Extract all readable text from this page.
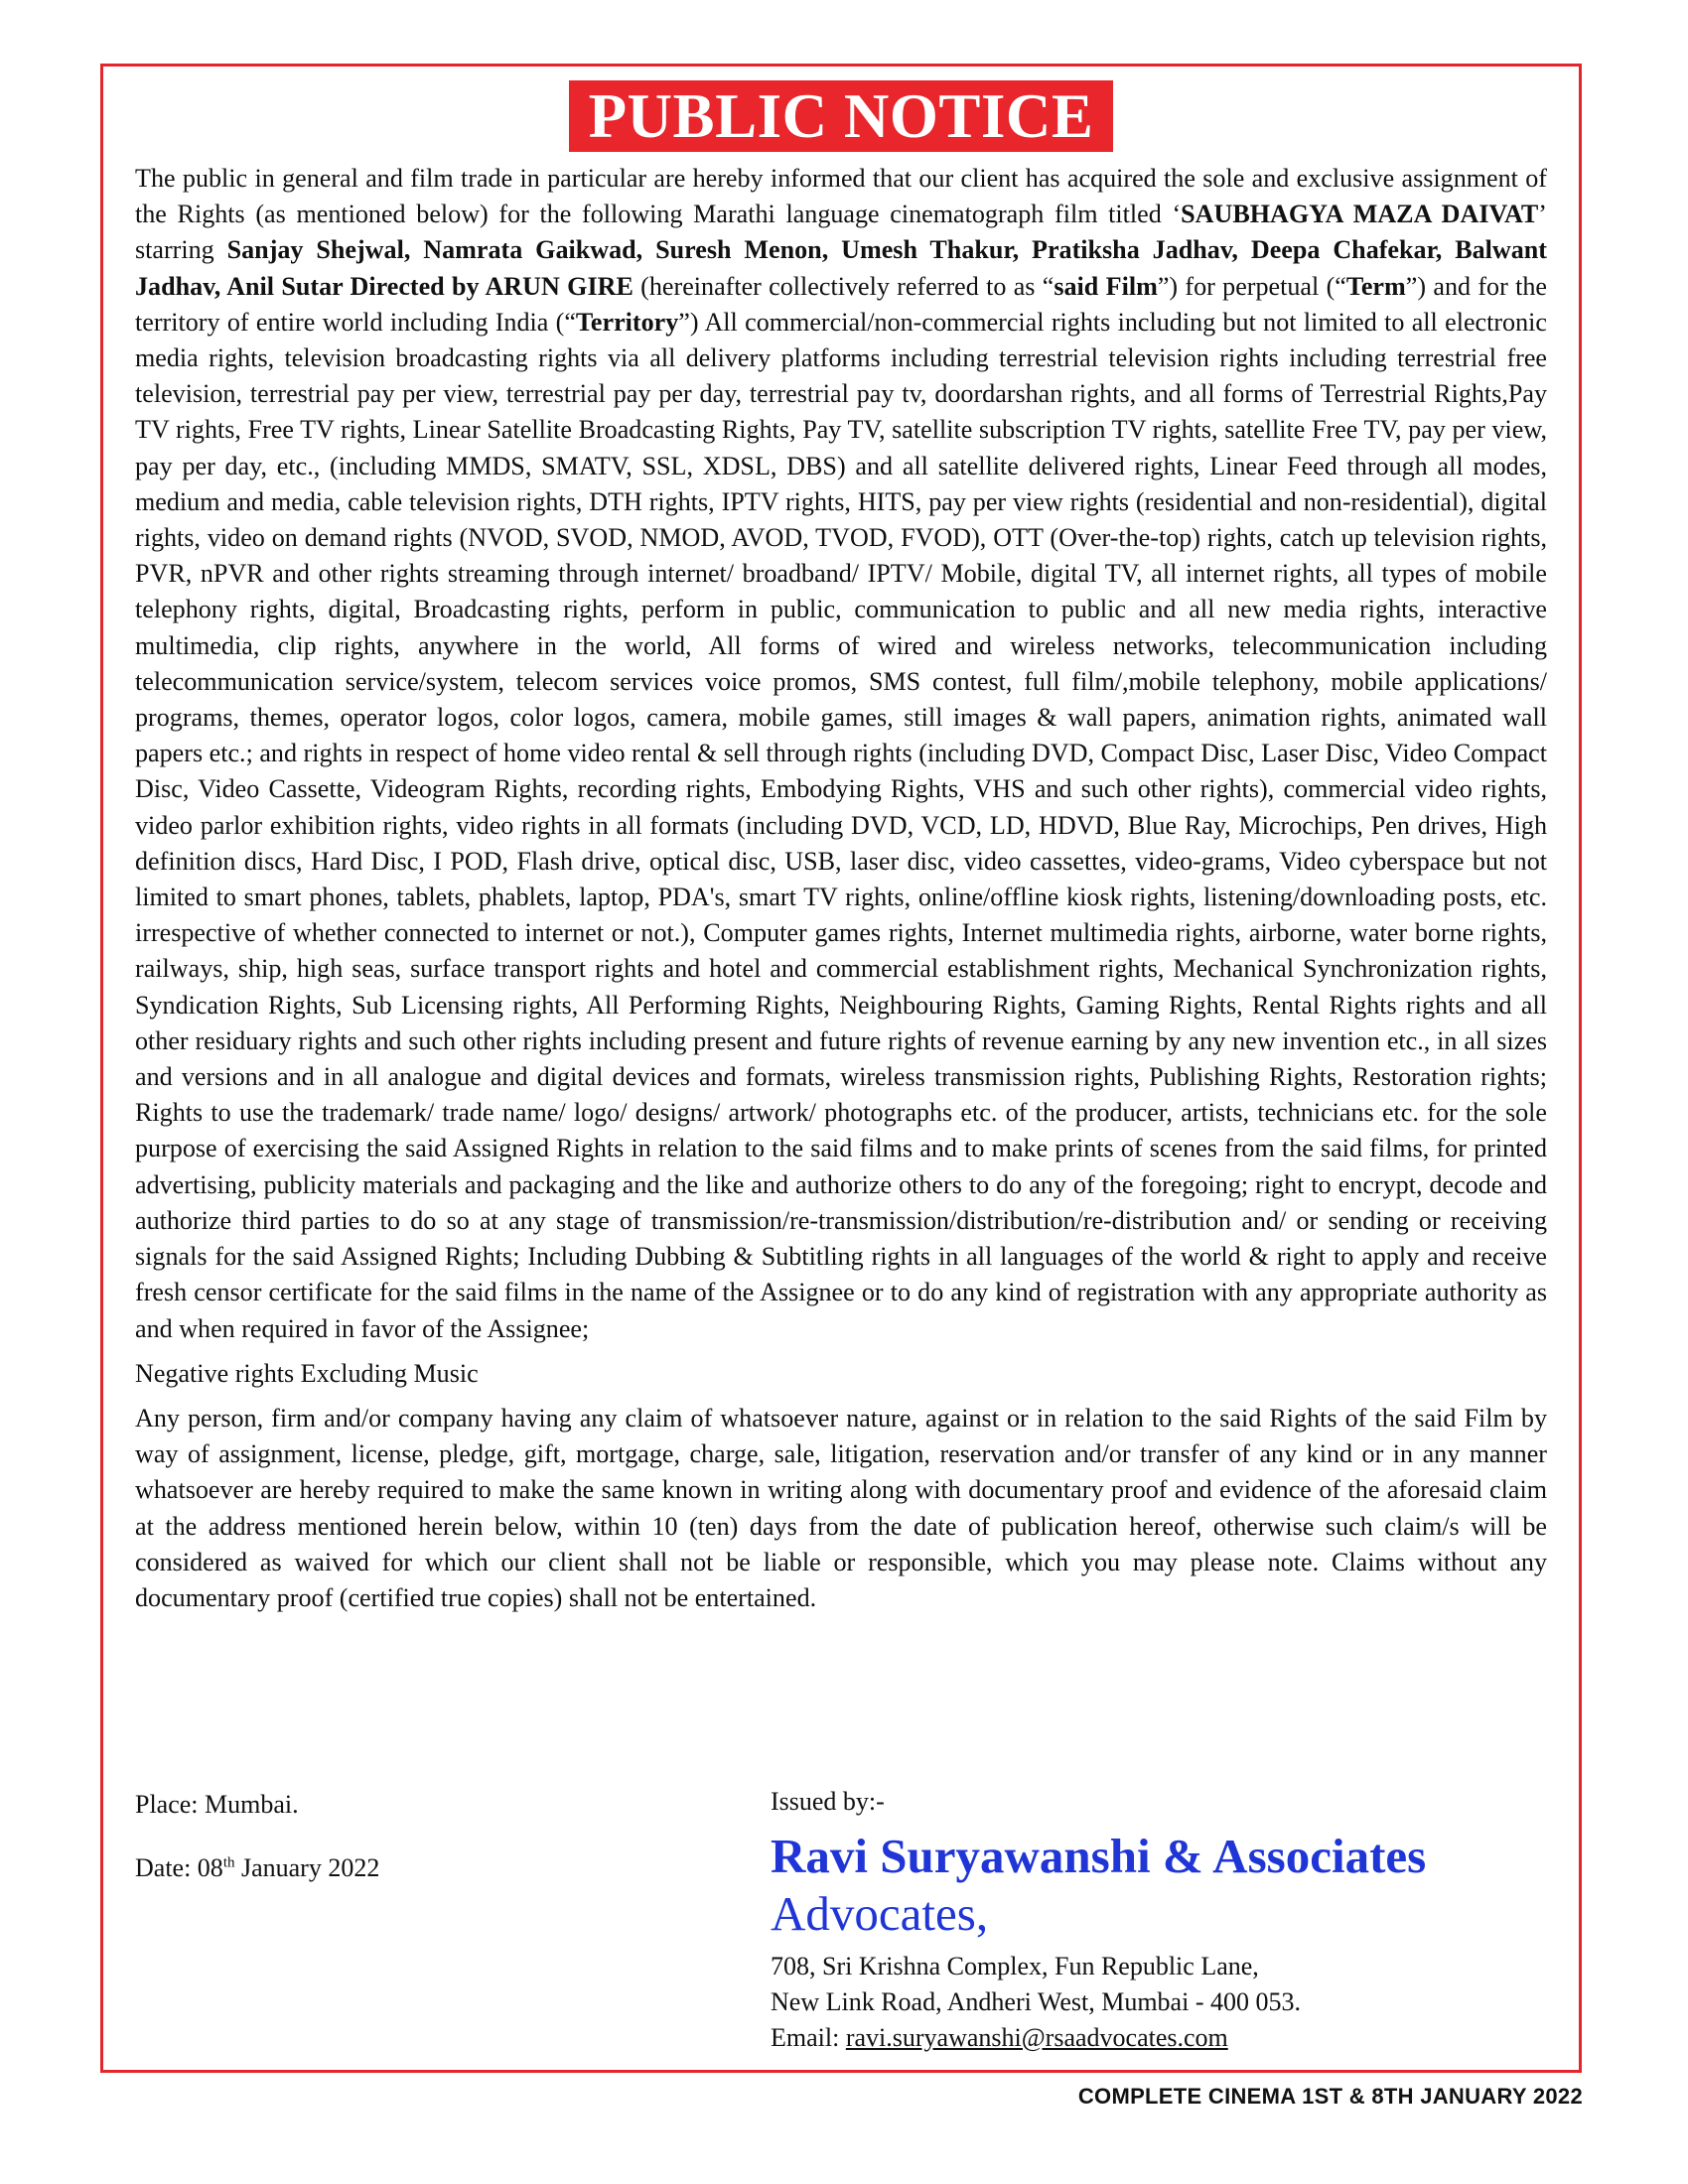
PUBLIC NOTICE

The public in general and film trade in particular are hereby informed that our client has acquired the sole and exclusive assignment of the Rights (as mentioned below) for the following Marathi language cinematograph film titled ‘SAUBHAGYA MAZA DAIVAT’ starring Sanjay Shejwal, Namrata Gaikwad, Suresh Menon, Umesh Thakur, Pratiksha Jadhav, Deepa Chafekar, Balwant Jadhav, Anil Sutar Directed by ARUN GIRE (hereinafter collectively referred to as “said Film”) for perpetual (“Term”) and for the territory of entire world including India (“Territory”) All commercial/non-commercial rights including but not limited to all electronic media rights, television broadcasting rights via all delivery platforms including terrestrial television rights including terrestrial free television, terrestrial pay per view, terrestrial pay per day, terrestrial pay tv, doordarshan rights, and all forms of Terrestrial Rights,Pay TV rights, Free TV rights, Linear Satellite Broadcasting Rights, Pay TV, satellite subscription TV rights, satellite Free TV, pay per view, pay per day, etc., (including MMDS, SMATV, SSL, XDSL, DBS) and all satellite delivered rights, Linear Feed through all modes, medium and media, cable television rights, DTH rights, IPTV rights, HITS, pay per view rights (residential and non-residential), digital rights, video on demand rights (NVOD, SVOD, NMOD, AVOD, TVOD, FVOD), OTT (Over-the-top) rights, catch up television rights, PVR, nPVR and other rights streaming through internet/ broadband/ IPTV/ Mobile, digital TV, all internet rights, all types of mobile telephony rights, digital, Broadcasting rights, perform in public, communication to public and all new media rights, interactive multimedia, clip rights, anywhere in the world, All forms of wired and wireless networks, telecommunication including telecommunication service/system, telecom services voice promos, SMS contest, full film/,mobile telephony, mobile applications/ programs, themes, operator logos, color logos, camera, mobile games, still images & wall papers, animation rights, animated wall papers etc.; and rights in respect of home video rental & sell through rights (including DVD, Compact Disc, Laser Disc, Video Compact Disc, Video Cassette, Videogram Rights, recording rights, Embodying Rights, VHS and such other rights), commercial video rights, video parlor exhibition rights, video rights in all formats (including DVD, VCD, LD, HDVD, Blue Ray, Microchips, Pen drives, High definition discs, Hard Disc, I POD, Flash drive, optical disc, USB, laser disc, video cassettes, video-grams, Video cyberspace but not limited to smart phones, tablets, phablets, laptop, PDA's, smart TV rights, online/offline kiosk rights, listening/downloading posts, etc. irrespective of whether connected to internet or not.), Computer games rights, Internet multimedia rights, airborne, water borne rights, railways, ship, high seas, surface transport rights and hotel and commercial establishment rights, Mechanical Synchronization rights, Syndication Rights, Sub Licensing rights, All Performing Rights, Neighbouring Rights, Gaming Rights, Rental Rights rights and all other residuary rights and such other rights including present and future rights of revenue earning by any new invention etc., in all sizes and versions and in all analogue and digital devices and formats, wireless transmission rights, Publishing Rights, Restoration rights; Rights to use the trademark/ trade name/ logo/ designs/ artwork/ photographs etc. of the producer, artists, technicians etc. for the sole purpose of exercising the said Assigned Rights in relation to the said films and to make prints of scenes from the said films, for printed advertising, publicity materials and packaging and the like and authorize others to do any of the foregoing; right to encrypt, decode and authorize third parties to do so at any stage of transmission/re-transmission/distribution/re-distribution and/ or sending or receiving signals for the said Assigned Rights; Including Dubbing & Subtitling rights in all languages of the world & right to apply and receive fresh censor certificate for the said films in the name of the Assignee or to do any kind of registration with any appropriate authority as and when required in favor of the Assignee;

Negative rights Excluding Music

Any person, firm and/or company having any claim of whatsoever nature, against or in relation to the said Rights of the said Film by way of assignment, license, pledge, gift, mortgage, charge, sale, litigation, reservation and/or transfer of any kind or in any manner whatsoever are hereby required to make the same known in writing along with documentary proof and evidence of the aforesaid claim at the address mentioned herein below, within 10 (ten) days from the date of publication hereof, otherwise such claim/s will be considered as waived for which our client shall not be liable or responsible, which you may please note. Claims without any documentary proof (certified true copies) shall not be entertained.

Place: Mumbai.
Date: 08th January 2022
Issued by:-
Ravi Suryawanshi & Associates
Advocates,
708, Sri Krishna Complex, Fun Republic Lane,
New Link Road, Andheri West, Mumbai - 400 053.
Email: ravi.suryawanshi@rsaadvocates.com
COMPLETE CINEMA 1ST & 8TH JANUARY 2022
